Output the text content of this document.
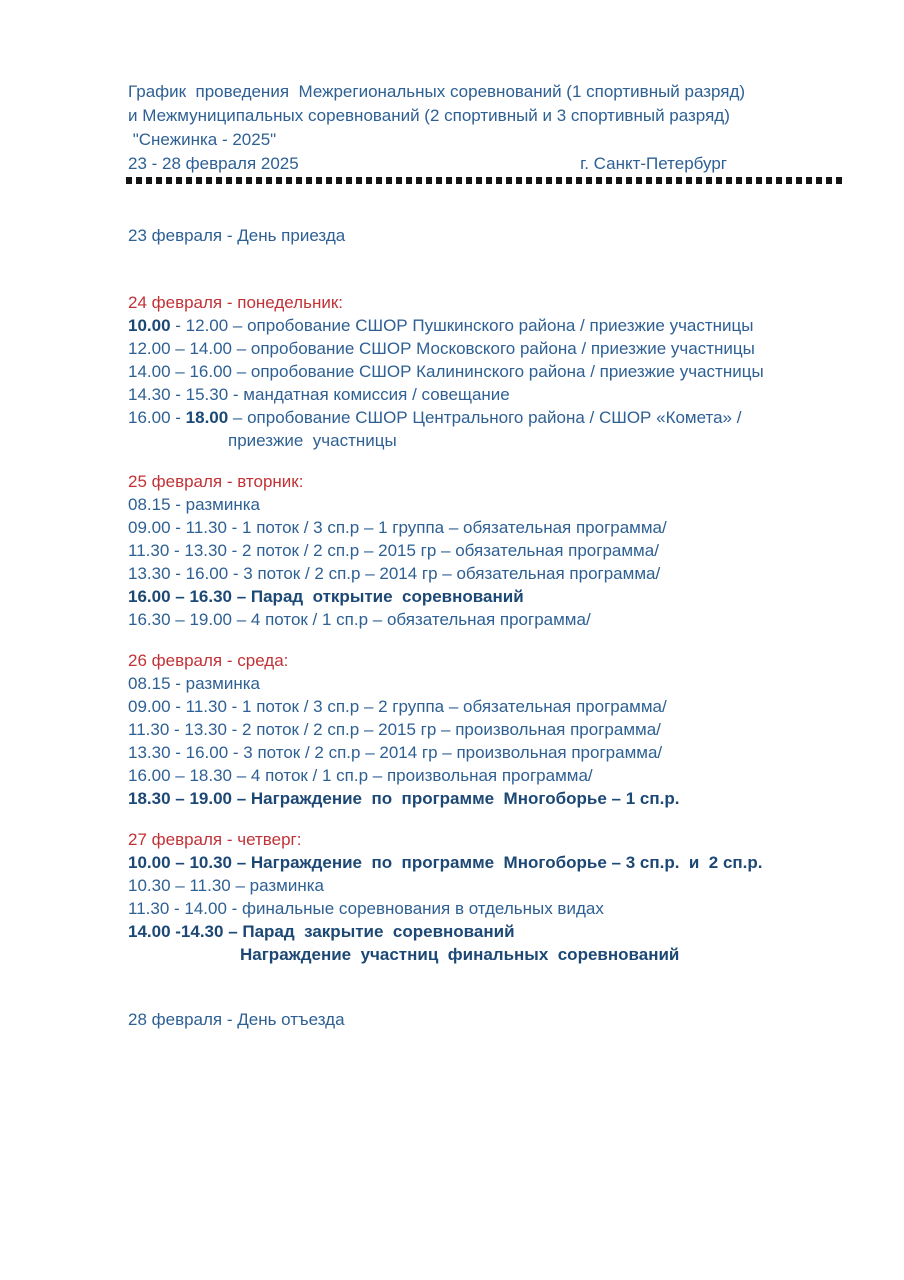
График  проведения  Межрегиональных соревнований (1 спортивный разряд)
и Межмуниципальных соревнований (2 спортивный и 3 спортивный разряд)
"Снежинка - 2025"
23 - 28 февраля 2025	г. Санкт-Петербург
23 февраля - День приезда
24 февраля - понедельник:
10.00 - 12.00 – опробование СШОР Пушкинского района / приезжие участницы
12.00 – 14.00 – опробование СШОР Московского района / приезжие участницы
14.00 – 16.00 – опробование СШОР Калининского района / приезжие участницы
14.30 - 15.30 - мандатная комиссия / совещание
16.00 - 18.00 – опробование СШОР Центрального района / СШОР «Комета» /
приезжие  участницы
25 февраля - вторник:
08.15 - разминка
09.00 - 11.30 - 1 поток / 3 сп.р – 1 группа – обязательная программа/
11.30 - 13.30 - 2 поток / 2 сп.р – 2015 гр – обязательная программа/
13.30 - 16.00 - 3 поток / 2 сп.р – 2014 гр – обязательная программа/
16.00 – 16.30 – Парад  открытие  соревнований
16.30 – 19.00 – 4 поток / 1 сп.р – обязательная программа/
26 февраля - среда:
08.15 - разминка
09.00 - 11.30 - 1 поток / 3 сп.р – 2 группа – обязательная программа/
11.30 - 13.30 - 2 поток / 2 сп.р – 2015 гр – произвольная программа/
13.30 - 16.00 - 3 поток / 2 сп.р – 2014 гр – произвольная программа/
16.00 – 18.30 – 4 поток / 1 сп.р – произвольная программа/
18.30 – 19.00 – Награждение  по  программе  Многоборье – 1 сп.р.
27 февраля - четверг:
10.00 – 10.30 – Награждение  по  программе  Многоборье – 3 сп.р.  и  2 сп.р.
10.30 – 11.30 – разминка
11.30 - 14.00 - финальные соревнования в отдельных видах
14.00 -14.30 – Парад  закрытие  соревнований
Награждение  участниц  финальных  соревнований
28 февраля - День отъезда
